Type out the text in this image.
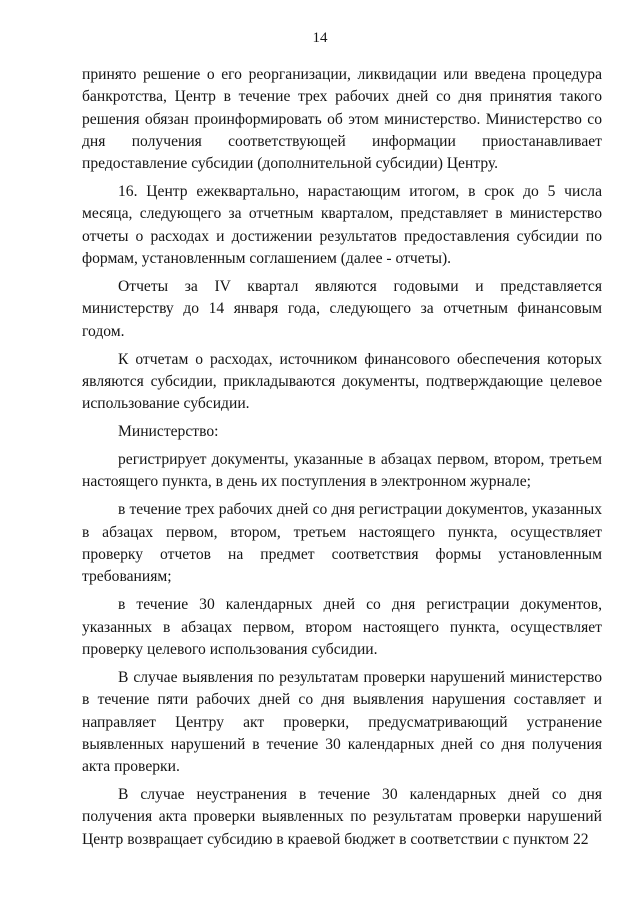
14

принято решение о его реорганизации, ликвидации или введена процедура банкротства, Центр в течение трех рабочих дней со дня принятия такого решения обязан проинформировать об этом министерство. Министерство со дня получения соответствующей информации приостанавливает предоставление субсидии (дополнительной субсидии) Центру.

16. Центр ежеквартально, нарастающим итогом, в срок до 5 числа месяца, следующего за отчетным кварталом, представляет в министерство отчеты о расходах и достижении результатов предоставления субсидии по формам, установленным соглашением (далее - отчеты).

Отчеты за IV квартал являются годовыми и представляется министерству до 14 января года, следующего за отчетным финансовым годом.

К отчетам о расходах, источником финансового обеспечения которых являются субсидии, прикладываются документы, подтверждающие целевое использование субсидии.

Министерство:

регистрирует документы, указанные в абзацах первом, втором, третьем настоящего пункта, в день их поступления в электронном журнале;

в течение трех рабочих дней со дня регистрации документов, указанных в абзацах первом, втором, третьем настоящего пункта, осуществляет проверку отчетов на предмет соответствия формы установленным требованиям;

в течение 30 календарных дней со дня регистрации документов, указанных в абзацах первом, втором настоящего пункта, осуществляет проверку целевого использования субсидии.

В случае выявления по результатам проверки нарушений министерство в течение пяти рабочих дней со дня выявления нарушения составляет и направляет Центру акт проверки, предусматривающий устранение выявленных нарушений в течение 30 календарных дней со дня получения акта проверки.

В случае неустранения в течение 30 календарных дней со дня получения акта проверки выявленных по результатам проверки нарушений Центр возвращает субсидию в краевой бюджет в соответствии с пунктом 22
